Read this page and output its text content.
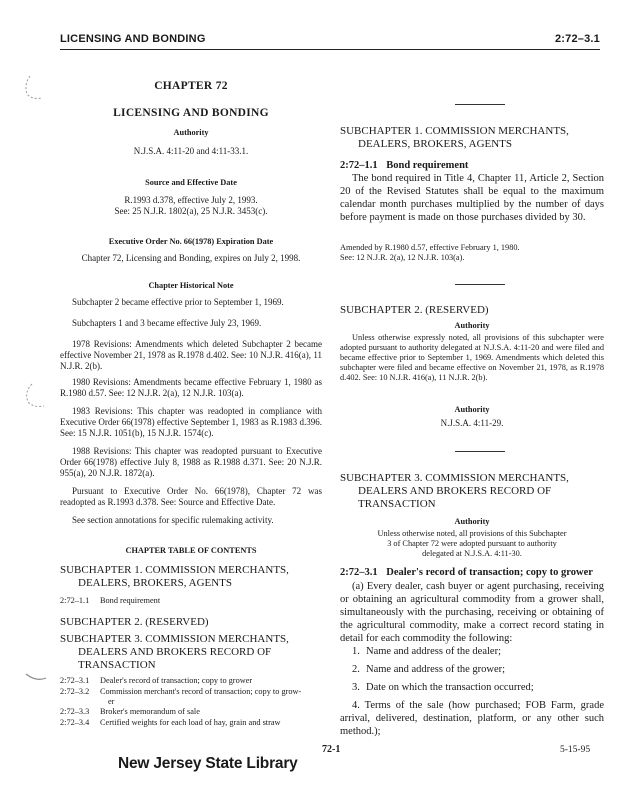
LICENSING AND BONDING	2:72–3.1

CHAPTER 72

LICENSING AND BONDING

Authority

N.J.S.A. 4:11-20 and 4:11-33.1.

Source and Effective Date

R.1993 d.378, effective July 2, 1993.

See: 25 N.J.R. 1802(a), 25 N.J.R. 3453(c).

Executive Order No. 66(1978) Expiration Date

Chapter 72, Licensing and Bonding, expires on July 2, 1998.

Chapter Historical Note

Subchapter 2 became effective prior to September 1, 1969.

Subchapters 1 and 3 became effective July 23, 1969.

1978 Revisions: Amendments which deleted Subchapter 2 became effective November 21, 1978 as R.1978 d.402. See: 10 N.J.R. 416(a), 11 N.J.R. 2(b).

1980 Revisions: Amendments became effective February 1, 1980 as R.1980 d.57. See: 12 N.J.R. 2(a), 12 N.J.R. 103(a).

1983 Revisions: This chapter was readopted in compliance with Executive Order 66(1978) effective September 1, 1983 as R.1983 d.396. See: 15 N.J.R. 1051(b), 15 N.J.R. 1574(c).

1988 Revisions: This chapter was readopted pursuant to Executive Order 66(1978) effective July 8, 1988 as R.1988 d.371. See: 20 N.J.R. 955(a), 20 N.J.R. 1872(a).

Pursuant to Executive Order No. 66(1978), Chapter 72 was readopted as R.1993 d.378. See: Source and Effective Date.

See section annotations for specific rulemaking activity.

CHAPTER TABLE OF CONTENTS

SUBCHAPTER 1. COMMISSION MERCHANTS,
DEALERS, BROKERS, AGENTS
2:72–1.1	Bond requirement
SUBCHAPTER 2. (RESERVED)
SUBCHAPTER 3. COMMISSION MERCHANTS,
DEALERS AND BROKERS RECORD OF
TRANSACTION
2:72–3.1	Dealer's record of transaction; copy to grower
2:72–3.2	Commission merchant's record of transaction; copy to grow-
er
2:72–3.3	Broker's memorandum of sale
2:72–3.4	Certified weights for each load of hay, grain and straw
SUBCHAPTER 1. COMMISSION MERCHANTS,
DEALERS, BROKERS, AGENTS

2:72–1.1 Bond requirement

The bond required in Title 4, Chapter 11, Article 2, Section 20 of the Revised Statutes shall be equal to the maximum calendar month purchases multiplied by the number of days before payment is made on those purchases divided by 30.

Amended by R.1980 d.57, effective February 1, 1980.

See: 12 N.J.R. 2(a), 12 N.J.R. 103(a).

SUBCHAPTER 2. (RESERVED)

Authority

Unless otherwise expressly noted, all provisions of this subchapter were adopted pursuant to authority delegated at N.J.S.A. 4:11-20 and were filed and became effective prior to September 1, 1969. Amendments which deleted this subchapter were filed and became effective on November 21, 1978, as R.1978 d.402. See: 10 N.J.R. 416(a), 11 N.J.R. 2(b).

Authority

N.J.S.A. 4:11-29.

SUBCHAPTER 3. COMMISSION MERCHANTS,
DEALERS AND BROKERS RECORD OF
TRANSACTION

Authority

Unless otherwise noted, all provisions of this Subchapter

3 of Chapter 72 were adopted pursuant to authority

delegated at N.J.S.A. 4:11-30.

2:72–3.1 Dealer's record of transaction; copy to grower

(a) Every dealer, cash buyer or agent purchasing, receiving or obtaining an agricultural commodity from a grower shall, simultaneously with the purchasing, receiving or obtaining of the agricultural commodity, make a correct record stating in detail for each commodity the following:

1. Name and address of the dealer;
2. Name and address of the grower;
3. Date on which the transaction occurred;

4. Terms of the sale (how purchased; FOB Farm, grade arrival, delivered, destination, platform, or any other such method.);

72-1	5-15-95
New Jersey State Library
